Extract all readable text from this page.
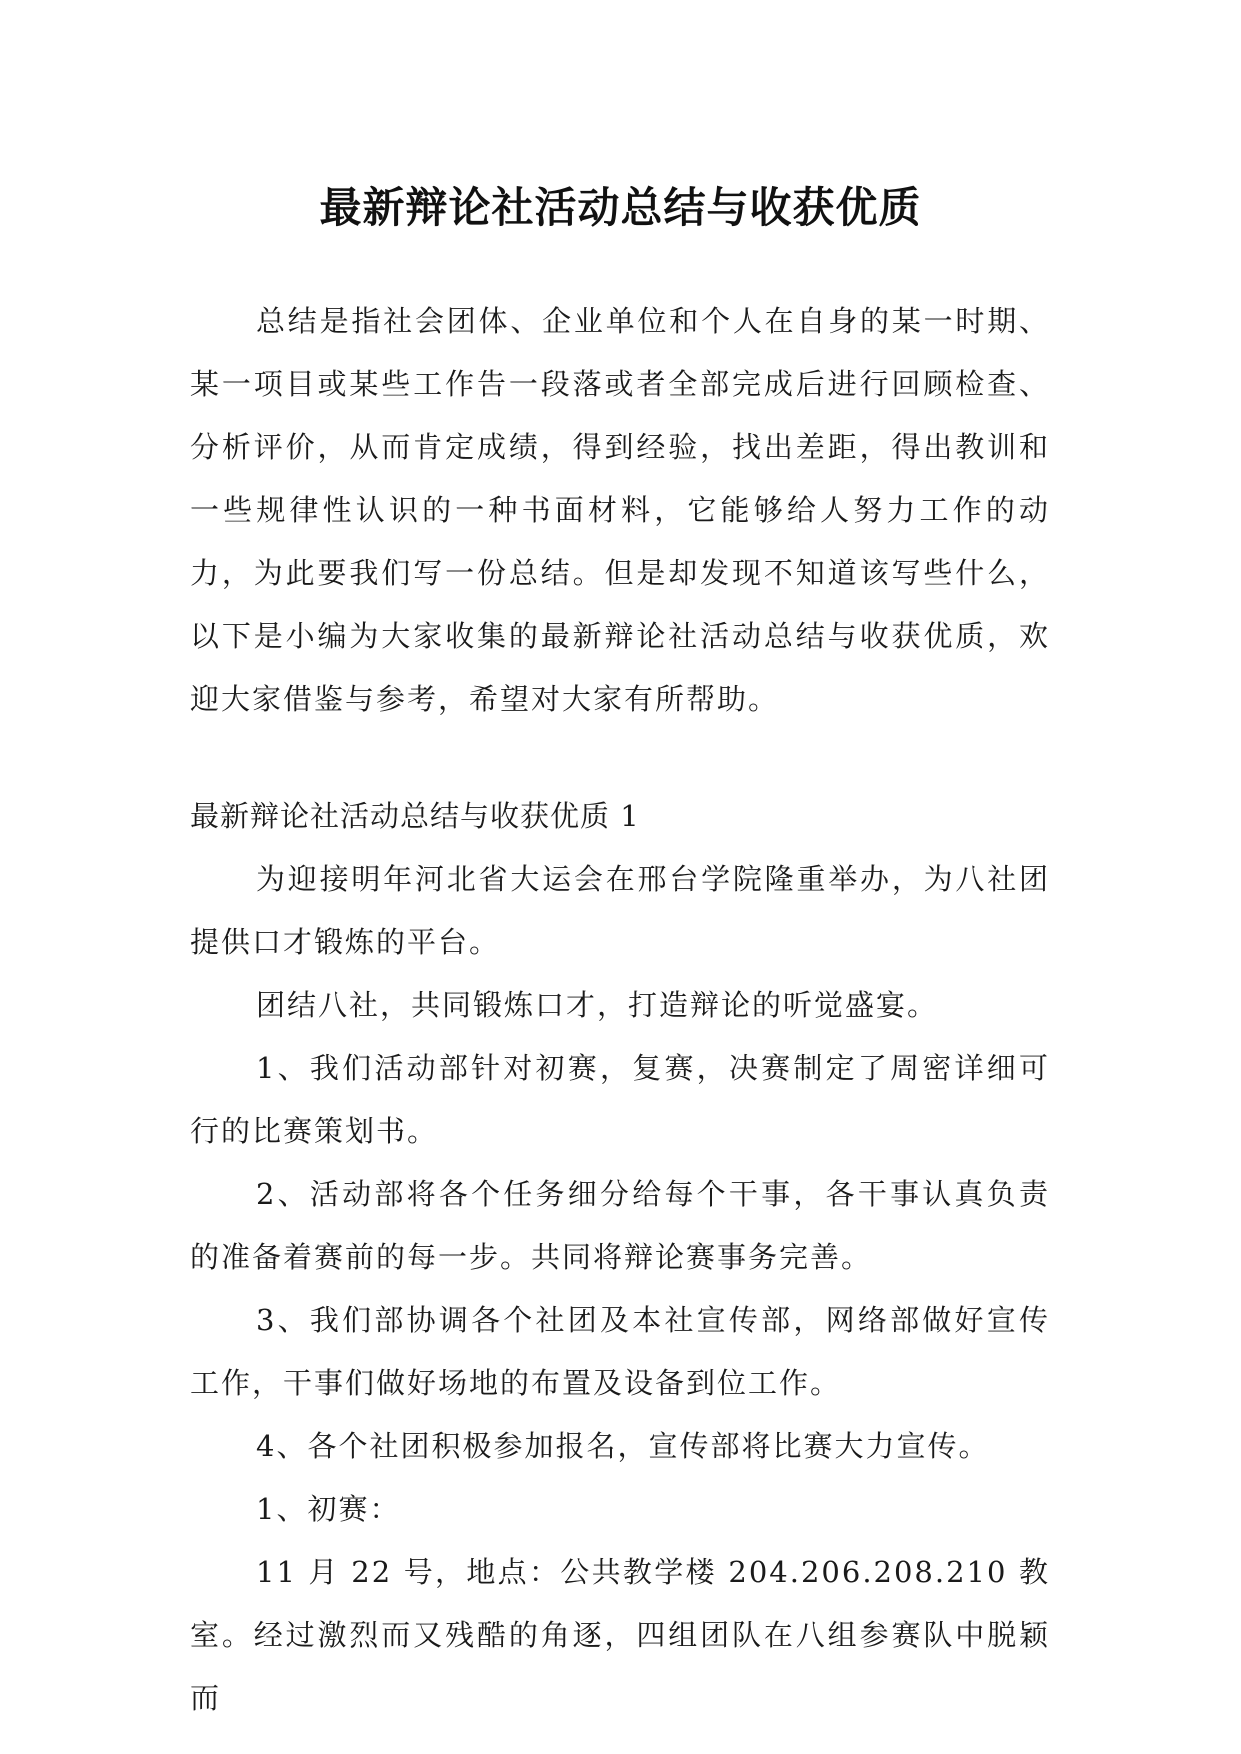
最新辩论社活动总结与收获优质

总结是指社会团体、企业单位和个人在自身的某一时期、某一项目或某些工作告一段落或者全部完成后进行回顾检查、分析评价，从而肯定成绩，得到经验，找出差距，得出教训和一些规律性认识的一种书面材料，它能够给人努力工作的动力，为此要我们写一份总结。但是却发现不知道该写些什么，以下是小编为大家收集的最新辩论社活动总结与收获优质，欢迎大家借鉴与参考，希望对大家有所帮助。

最新辩论社活动总结与收获优质 1

为迎接明年河北省大运会在邢台学院隆重举办，为八社团提供口才锻炼的平台。

团结八社，共同锻炼口才，打造辩论的听觉盛宴。

1、我们活动部针对初赛，复赛，决赛制定了周密详细可行的比赛策划书。

2、活动部将各个任务细分给每个干事，各干事认真负责的准备着赛前的每一步。共同将辩论赛事务完善。

3、我们部协调各个社团及本社宣传部，网络部做好宣传工作，干事们做好场地的布置及设备到位工作。

4、各个社团积极参加报名，宣传部将比赛大力宣传。

1、初赛：

11 月 22 号，地点：公共教学楼 204.206.208.210 教室。经过激烈而又残酷的角逐，四组团队在八组参赛队中脱颖而
